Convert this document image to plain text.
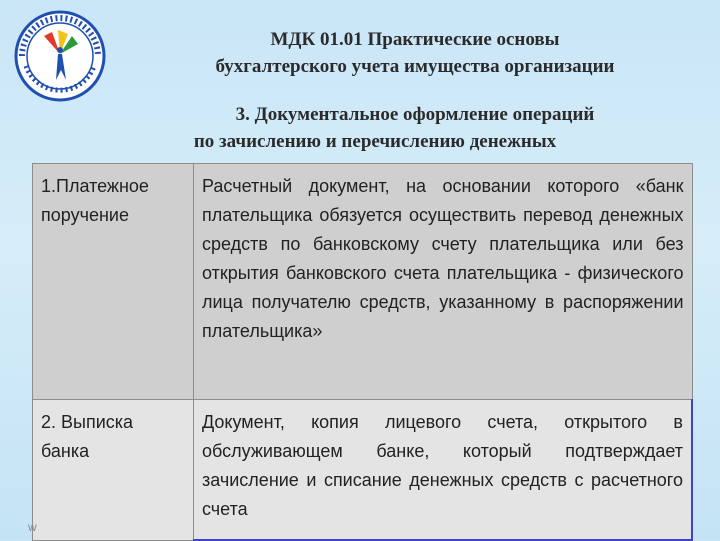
МДК 01.01 Практические основы
бухгалтерского учета имущества организации
3. Документальное оформление операций
по зачислению и перечислению денежных
1.Платежное поручение	Расчетный документ, на основании которого «банк плательщика обязуется осуществить перевод денежных средств по банковскому счету плательщика или без открытия банковского счета плательщика - физического лица получателю средств, указанному в распоряжении плательщика»
2. Выписка банка	Документ, копия лицевого счета, открытого в обслуживающем банке, который подтверждает зачисление и списание денежных средств с расчетного счета
w
